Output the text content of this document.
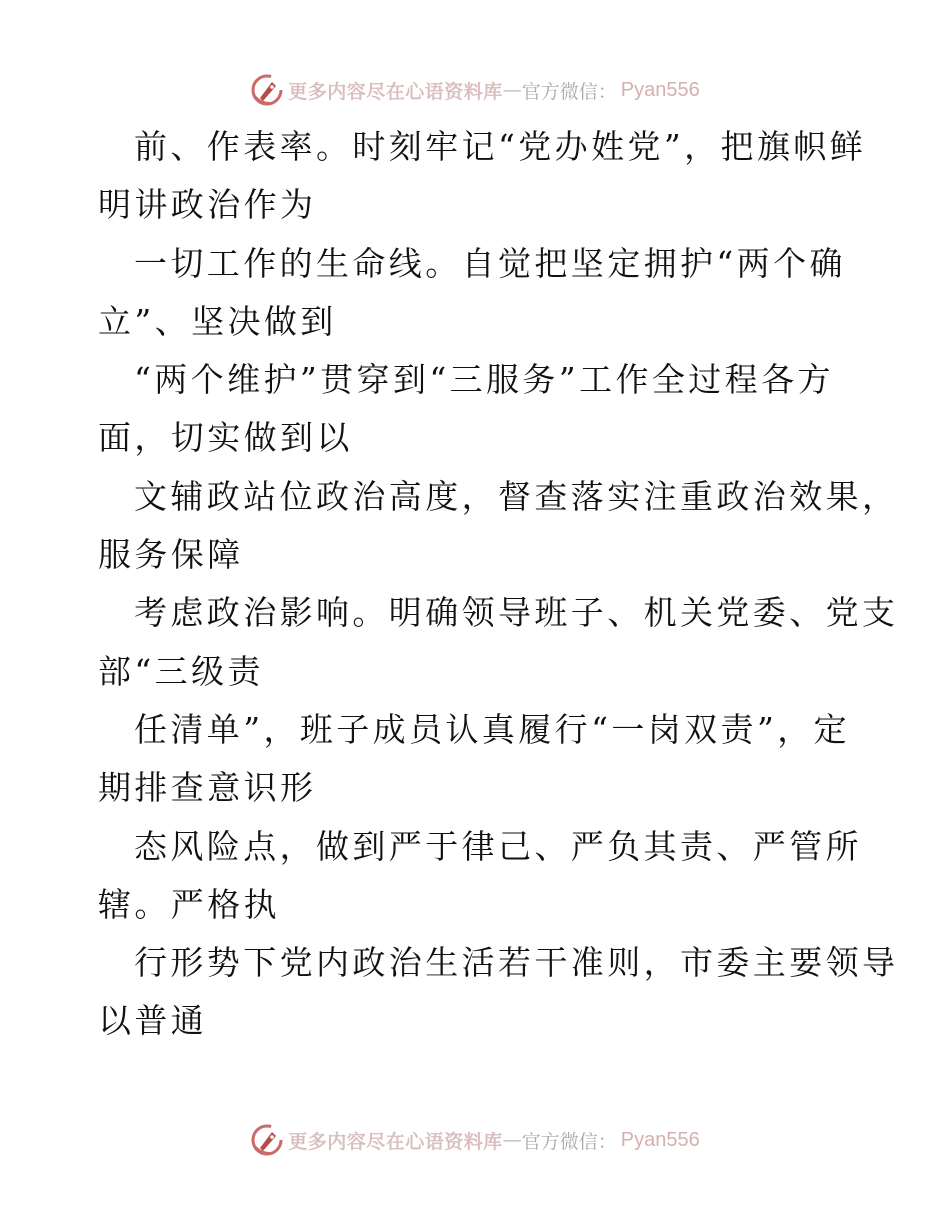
更多内容尽在心语资料库 — 官方微信： Pyan556
前、作表率。时刻牢记“党办姓党”，把旗帜鲜
明讲政治作为
一切工作的生命线。自觉把坚定拥护“两个确
立”、坚决做到
“两个维护”贯穿到“三服务”工作全过程各方
面，切实做到以
文辅政站位政治高度，督查落实注重政治效果，
服务保障
考虑政治影响。明确领导班子、机关党委、党支
部“三级责
任清单”，班子成员认真履行“一岗双责”，定
期排查意识形
态风险点，做到严于律己、严负其责、严管所
辖。严格执
行形势下党内政治生活若干准则，市委主要领导
以普通
更多内容尽在心语资料库 — 官方微信： Pyan556
